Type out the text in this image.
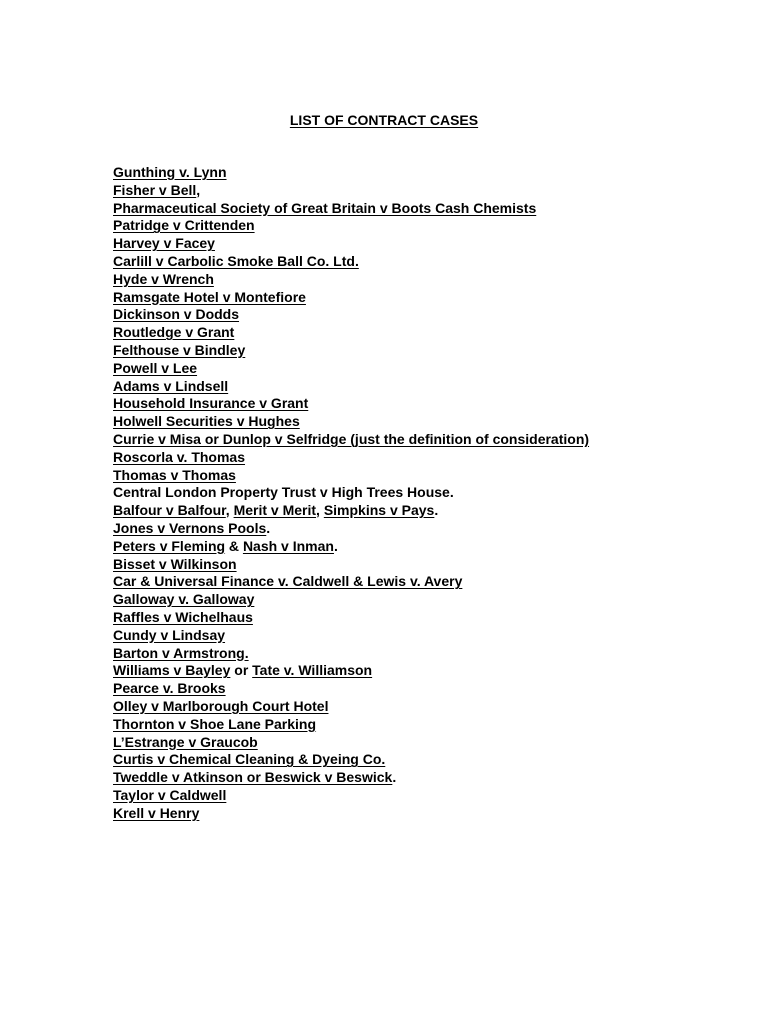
LIST OF CONTRACT CASES
Gunthing v. Lynn
Fisher v Bell,
Pharmaceutical Society of Great Britain v Boots Cash Chemists
Patridge v Crittenden
Harvey v Facey
Carlill v Carbolic Smoke Ball Co. Ltd.
Hyde v Wrench
Ramsgate Hotel v Montefiore
Dickinson v Dodds
Routledge v Grant
Felthouse v Bindley
Powell v Lee
Adams v Lindsell
Household Insurance v Grant
Holwell Securities v Hughes
Currie v Misa or Dunlop v Selfridge (just the definition of consideration)
Roscorla v. Thomas
Thomas v Thomas
Central London Property Trust v High Trees House.
Balfour v Balfour, Merit v Merit, Simpkins v Pays.
Jones v Vernons Pools.
Peters v Fleming & Nash v Inman.
Bisset v Wilkinson
Car & Universal Finance v. Caldwell & Lewis v. Avery
Galloway v. Galloway
Raffles v Wichelhaus
Cundy v Lindsay
Barton v Armstrong.
Williams v Bayley or Tate v. Williamson
Pearce v. Brooks
Olley v Marlborough Court Hotel
Thornton v Shoe Lane Parking
L’Estrange v Graucob
Curtis v Chemical Cleaning & Dyeing Co.
Tweddle v Atkinson or Beswick v Beswick.
Taylor v Caldwell
Krell v Henry
